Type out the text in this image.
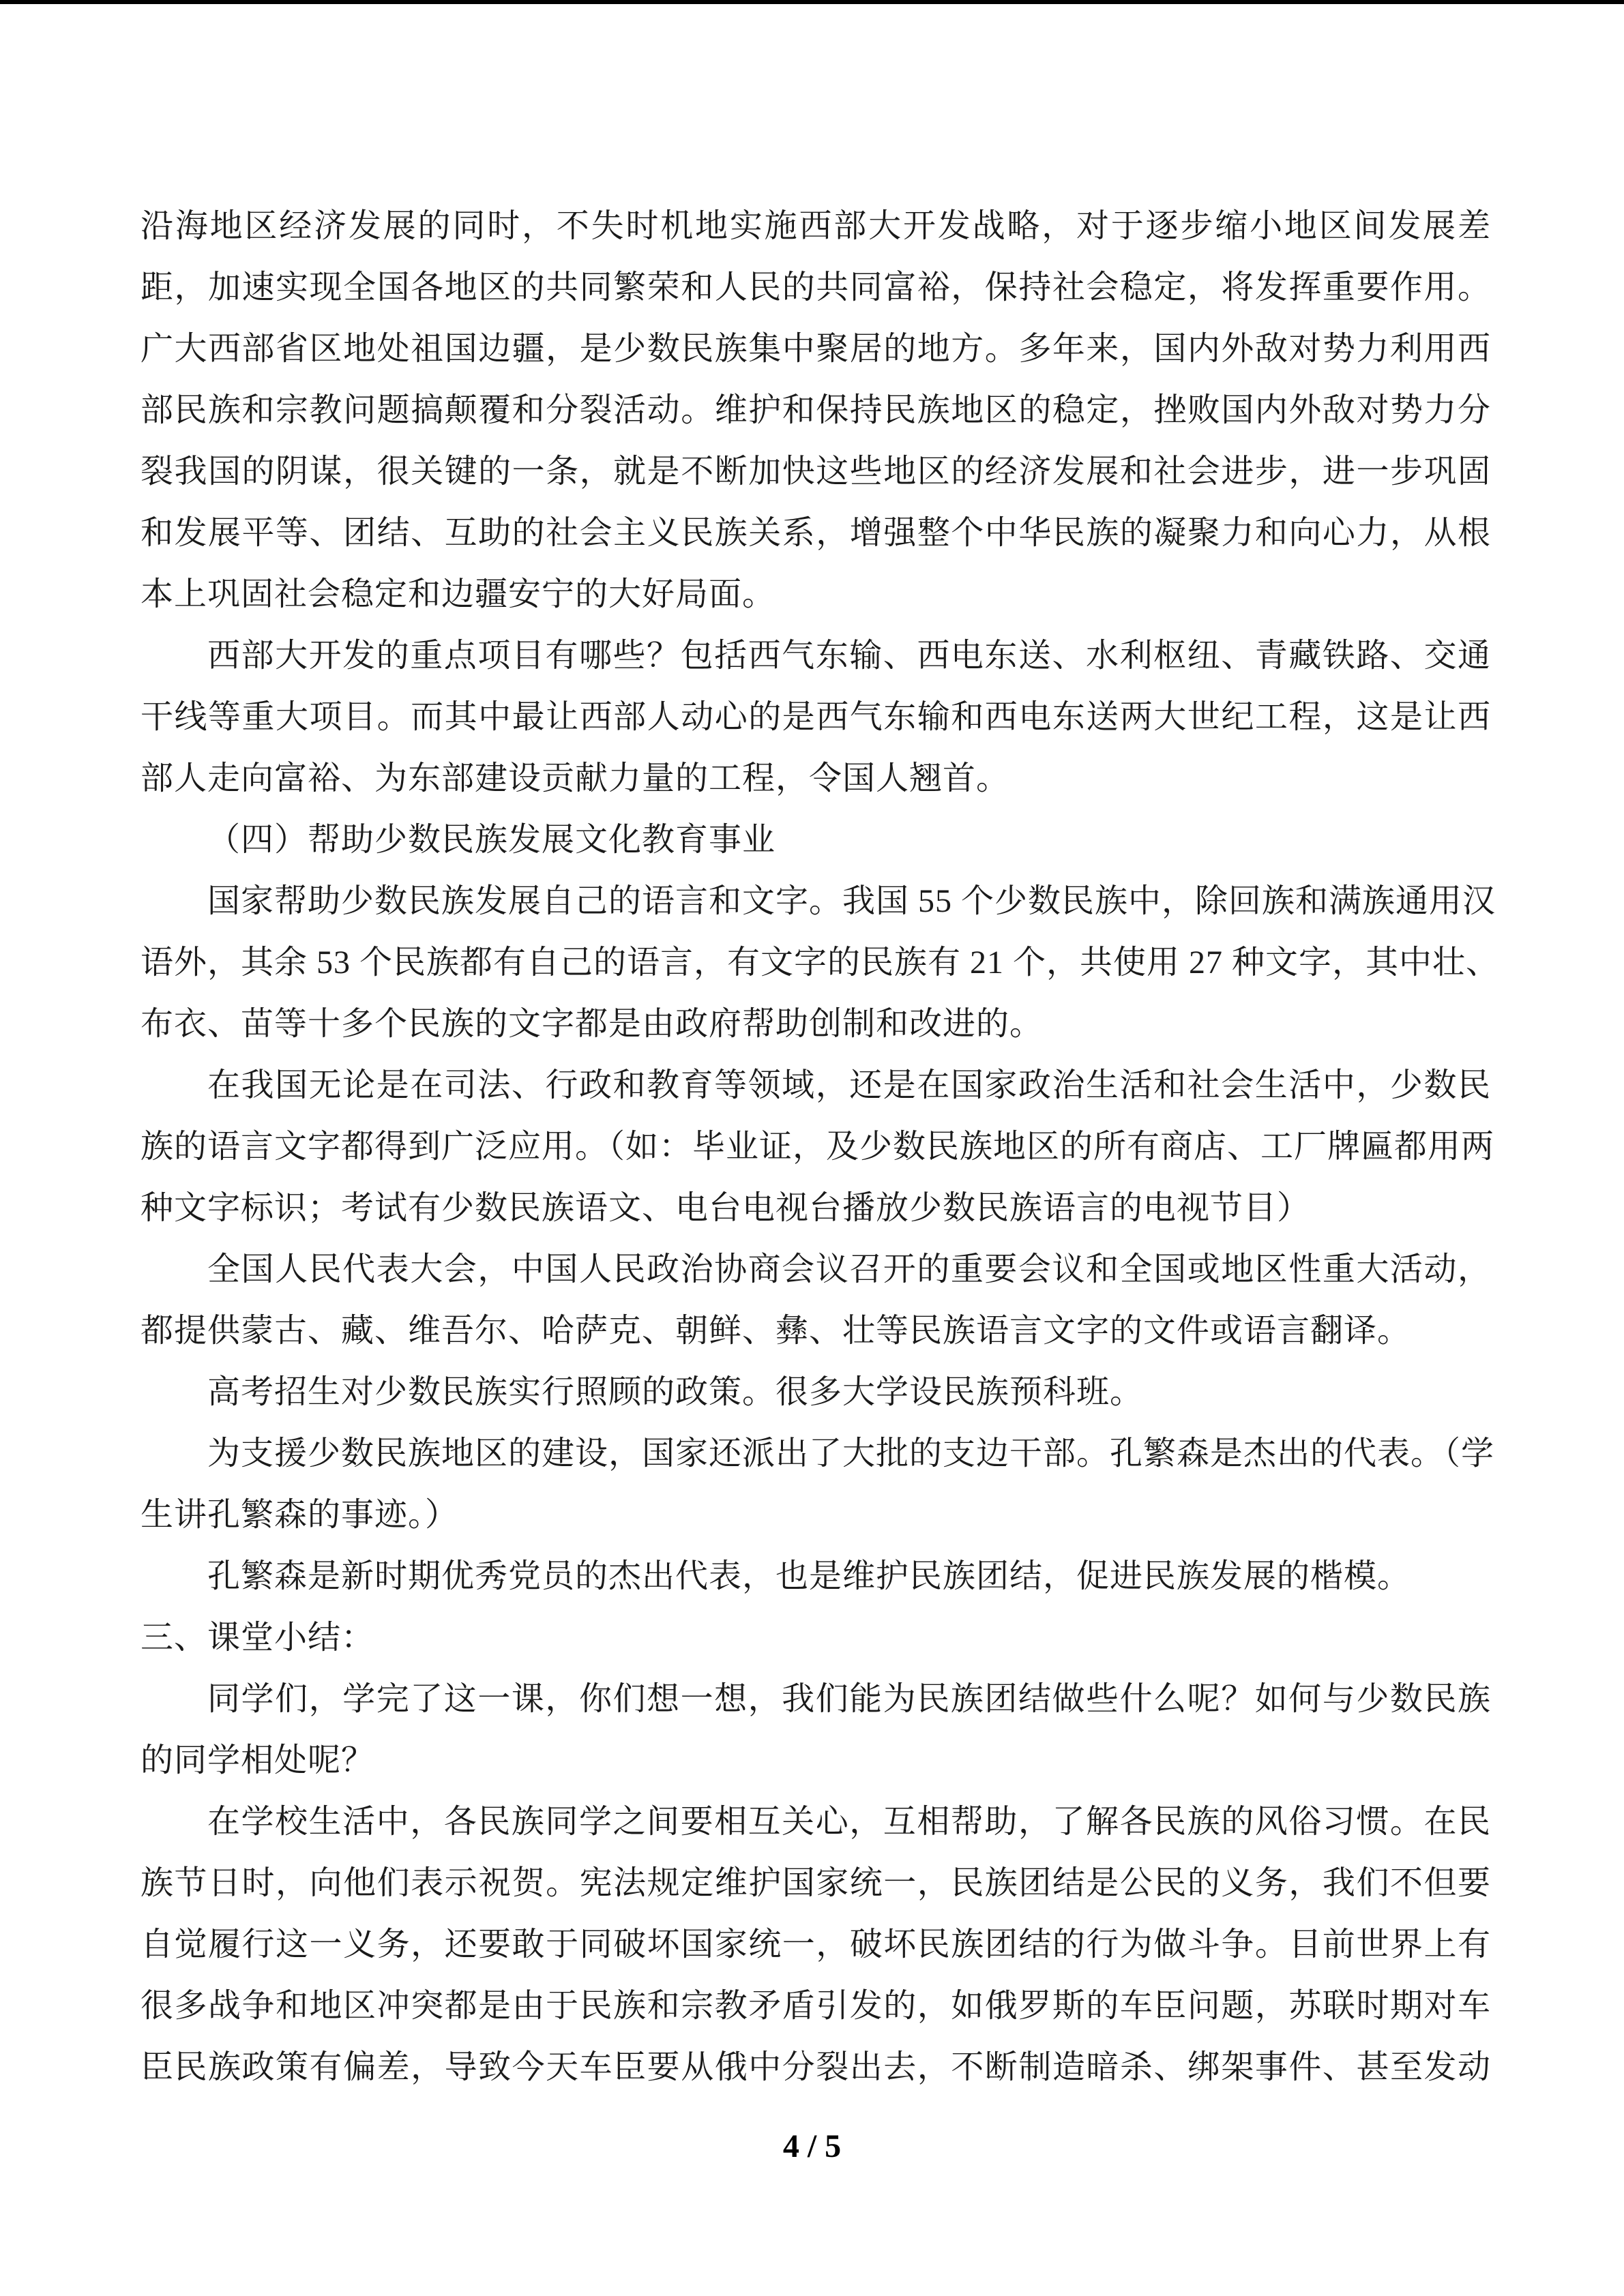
沿海地区经济发展的同时，不失时机地实施西部大开发战略，对于逐步缩小地区间发展差
距，加速实现全国各地区的共同繁荣和人民的共同富裕，保持社会稳定，将发挥重要作用。
广大西部省区地处祖国边疆，是少数民族集中聚居的地方。多年来，国内外敌对势力利用西
部民族和宗教问题搞颠覆和分裂活动。维护和保持民族地区的稳定，挫败国内外敌对势力分
裂我国的阴谋，很关键的一条，就是不断加快这些地区的经济发展和社会进步，进一步巩固
和发展平等、团结、互助的社会主义民族关系，增强整个中华民族的凝聚力和向心力，从根
本上巩固社会稳定和边疆安宁的大好局面。
西部大开发的重点项目有哪些？包括西气东输、西电东送、水利枢纽、青藏铁路、交通
干线等重大项目。而其中最让西部人动心的是西气东输和西电东送两大世纪工程，这是让西
部人走向富裕、为东部建设贡献力量的工程，令国人翘首。
（四）帮助少数民族发展文化教育事业
国家帮助少数民族发展自己的语言和文字。我国 55 个少数民族中，除回族和满族通用汉
语外，其余 53 个民族都有自己的语言，有文字的民族有 21 个，共使用 27 种文字，其中壮、
布衣、苗等十多个民族的文字都是由政府帮助创制和改进的。
在我国无论是在司法、行政和教育等领域，还是在国家政治生活和社会生活中，少数民
族的语言文字都得到广泛应用。（如：毕业证，及少数民族地区的所有商店、工厂牌匾都用两
种文字标识；考试有少数民族语文、电台电视台播放少数民族语言的电视节目）
全国人民代表大会，中国人民政治协商会议召开的重要会议和全国或地区性重大活动，
都提供蒙古、藏、维吾尔、哈萨克、朝鲜、彝、壮等民族语言文字的文件或语言翻译。
高考招生对少数民族实行照顾的政策。很多大学设民族预科班。
为支援少数民族地区的建设，国家还派出了大批的支边干部。孔繁森是杰出的代表。（学
生讲孔繁森的事迹。）
孔繁森是新时期优秀党员的杰出代表，也是维护民族团结，促进民族发展的楷模。
三、课堂小结：
同学们，学完了这一课，你们想一想，我们能为民族团结做些什么呢？如何与少数民族
的同学相处呢？
在学校生活中，各民族同学之间要相互关心，互相帮助，了解各民族的风俗习惯。在民
族节日时，向他们表示祝贺。宪法规定维护国家统一，民族团结是公民的义务，我们不但要
自觉履行这一义务，还要敢于同破坏国家统一，破坏民族团结的行为做斗争。目前世界上有
很多战争和地区冲突都是由于民族和宗教矛盾引发的，如俄罗斯的车臣问题，苏联时期对车
臣民族政策有偏差，导致今天车臣要从俄中分裂出去，不断制造暗杀、绑架事件、甚至发动
4 / 5
